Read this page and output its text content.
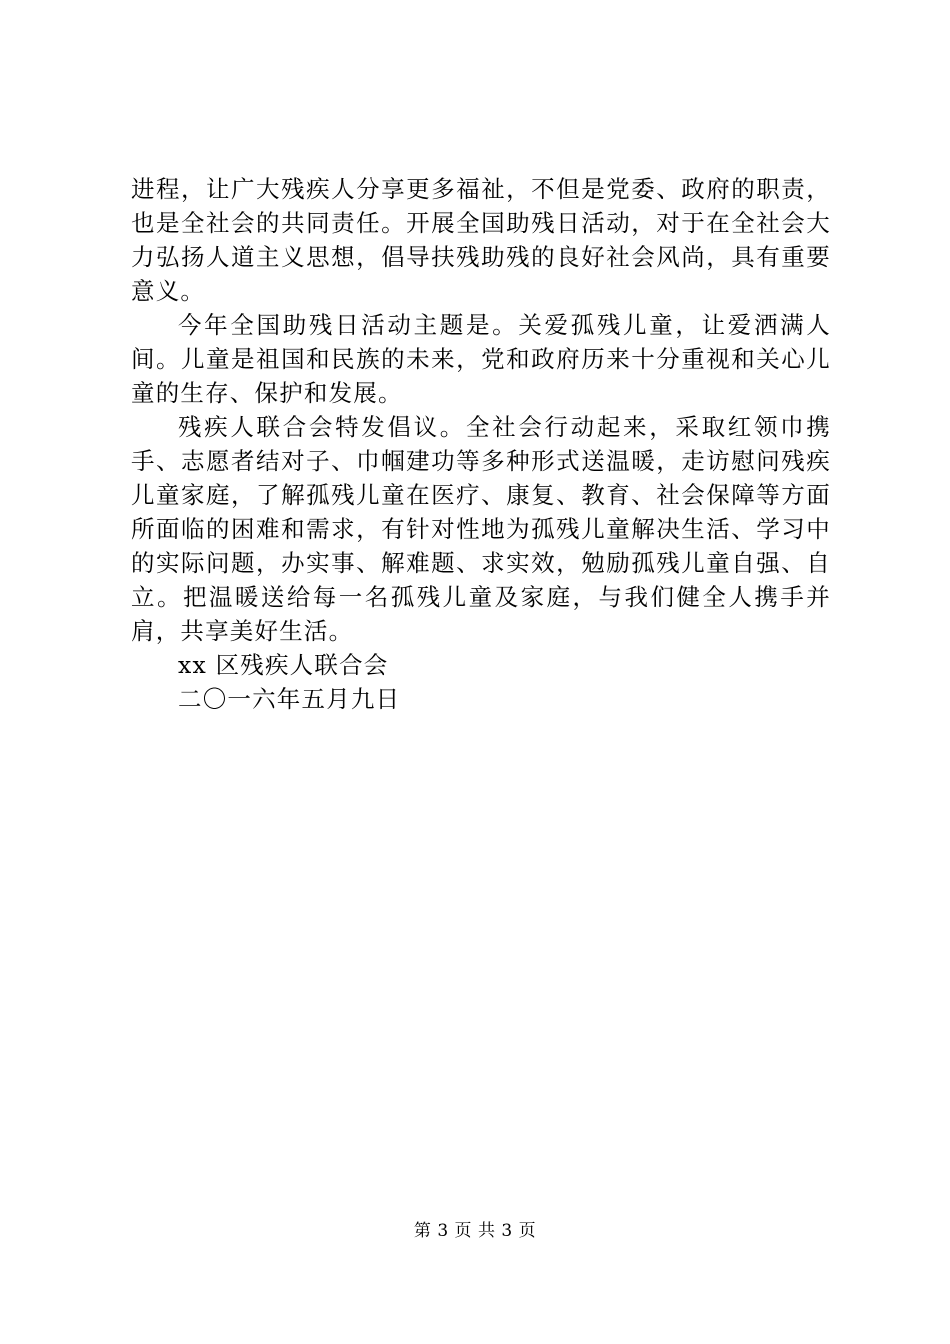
进程，让广大残疾人分享更多福祉，不但是党委、政府的职责，也是全社会的共同责任。开展全国助残日活动，对于在全社会大力弘扬人道主义思想，倡导扶残助残的良好社会风尚，具有重要意义。

今年全国助残日活动主题是。关爱孤残儿童，让爱洒满人间。儿童是祖国和民族的未来，党和政府历来十分重视和关心儿童的生存、保护和发展。

残疾人联合会特发倡议。全社会行动起来，采取红领巾携手、志愿者结对子、巾帼建功等多种形式送温暖，走访慰问残疾儿童家庭，了解孤残儿童在医疗、康复、教育、社会保障等方面所面临的困难和需求，有针对性地为孤残儿童解决生活、学习中的实际问题，办实事、解难题、求实效，勉励孤残儿童自强、自立。把温暖送给每一名孤残儿童及家庭，与我们健全人携手并肩，共享美好生活。

xx 区残疾人联合会

二〇一六年五月九日

第 3 页 共 3 页
